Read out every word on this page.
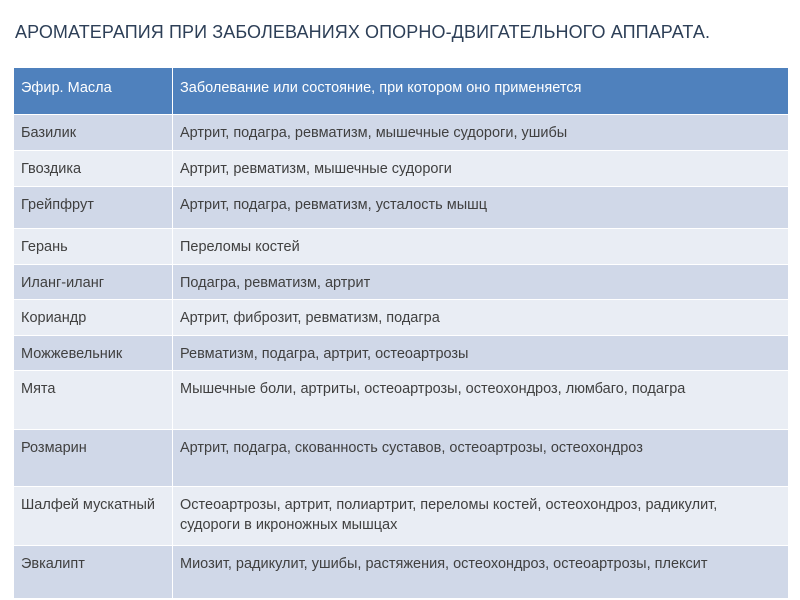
АРОМАТЕРАПИЯ ПРИ ЗАБОЛЕВАНИЯХ ОПОРНО-ДВИГАТЕЛЬНОГО АППАРАТА.
Эфир. Масла	Заболевание или состояние, при котором оно применяется
Базилик	Артрит, подагра, ревматизм, мышечные судороги, ушибы
Гвоздика	Артрит, ревматизм, мышечные судороги
Грейпфрут	Артрит, подагра, ревматизм, усталость мышц
Герань	Переломы костей
Иланг-иланг	Подагра, ревматизм, артрит
Кориандр	Артрит, фиброзит, ревматизм, подагра
Можжевельник	Ревматизм, подагра, артрит, остеоартрозы
Мята	Мышечные боли, артриты, остеоартрозы, остеохондроз, люмбаго, подагра
Розмарин	Артрит, подагра, скованность суставов, остеоартрозы, остеохондроз
Шалфей мускатный	Остеоартрозы, артрит, полиартрит, переломы костей, остеохондроз, радикулит, судороги в икроножных мышцах
Эвкалипт	Миозит, радикулит, ушибы, растяжения, остеохондроз, остеоартрозы, плексит
